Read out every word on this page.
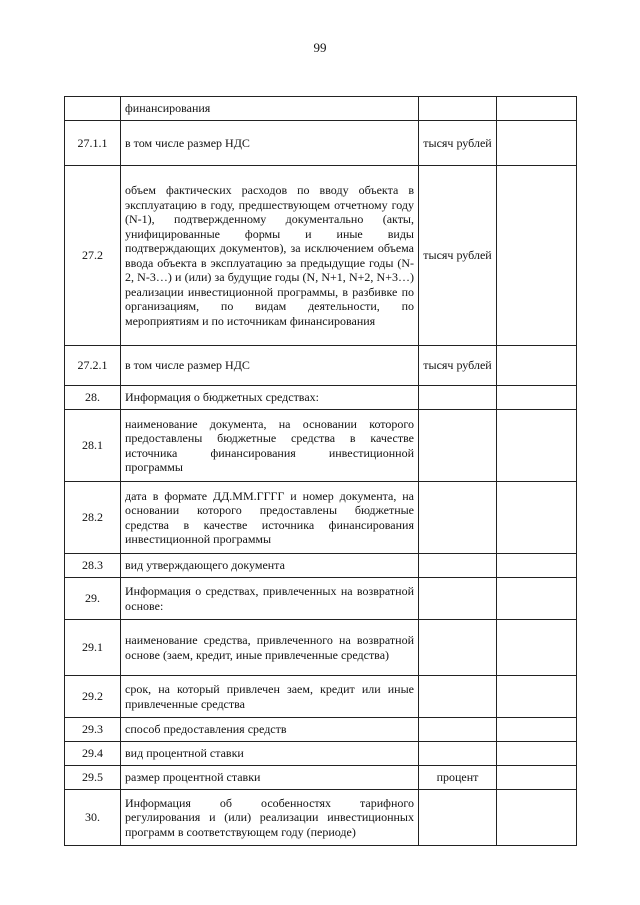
99
	финансирования		
27.1.1	в том числе размер НДС	тысяч рублей	
27.2	объем фактических расходов по вводу объекта в эксплуатацию в году, предшествующем отчетному году (N-1), подтвержденному документально (акты, унифицированные формы и иные виды подтверждающих документов), за исключением объема ввода объекта в эксплуатацию за предыдущие годы (N-2, N-3…) и (или) за будущие годы (N, N+1, N+2, N+3…) реализации инвестиционной программы, в разбивке по организациям, по видам деятельности, по мероприятиям и по источникам финансирования	тысяч рублей	
27.2.1	в том числе размер НДС	тысяч рублей	
28.	Информация о бюджетных средствах:		
28.1	наименование документа, на основании которого предоставлены бюджетные средства в качестве источника финансирования инвестиционной программы		
28.2	дата в формате ДД.ММ.ГГГГ и номер документа, на основании которого предоставлены бюджетные средства в качестве источника финансирования инвестиционной программы		
28.3	вид утверждающего документа		
29.	Информация о средствах, привлеченных на возвратной основе:		
29.1	наименование средства, привлеченного на возвратной основе (заем, кредит, иные привлеченные средства)		
29.2	срок, на который привлечен заем, кредит или иные привлеченные средства		
29.3	способ предоставления средств		
29.4	вид процентной ставки		
29.5	размер процентной ставки	процент	
30.	Информация об особенностях тарифного регулирования и (или) реализации инвестиционных программ в соответствующем году (периоде)		
